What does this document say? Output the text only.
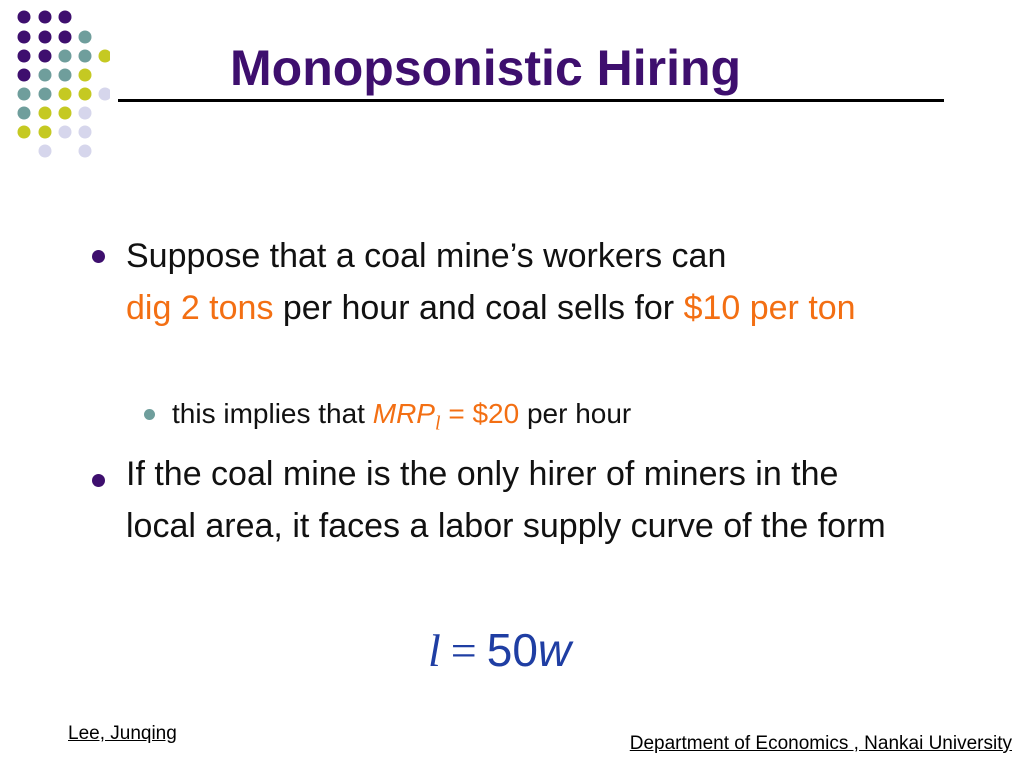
Monopsonistic Hiring
Suppose that a coal mine’s workers can
dig 2 tons per hour and coal sells for $10 per ton
this implies that $MRP_l$ = $20 per hour
If the coal mine is the only hirer of miners in the local area, it faces a labor supply curve of the form
l = 50w
Lee, Junqing	Department of Economics , Nankai University
